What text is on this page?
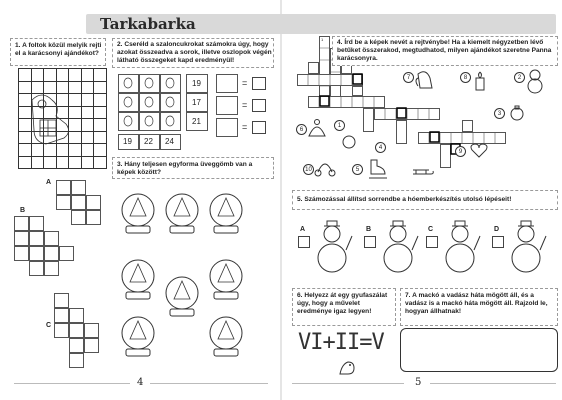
Tarkabarka
1. A foltok közül melyik rejti el a karácsonyi ajándékot?
A
B
C
2. Cseréld a szaloncukrokat számokra úgy, hogy azokat összeadva a sorok, illetve oszlopok végén látható összegeket kapd eredményül!
19
17
21
19 22 24
=
=
=
3. Hány teljesen egyforma üveggömb van a képek között?
4
1 4. Írd be a képek nevét a rejtvénybe! Ha a kiemelt négyzetben lévő betűket összerakod, megtudhatod, milyen ajándékot szeretne Panna karácsonyra.
7	8	2
3
6
1
4
9
10	5
5. Számozással állítsd sorrendbe a hóemberkészítés utolsó lépéseit!
A	B	C	D
6. Helyezz át egy gyufaszálat úgy, hogy a művelet eredménye igaz legyen!
VI+II=V
7. A mackó a vadász háta mögött áll, és a vadász is a mackó háta mögött áll. Rajzold le, hogyan állhatnak!
5
